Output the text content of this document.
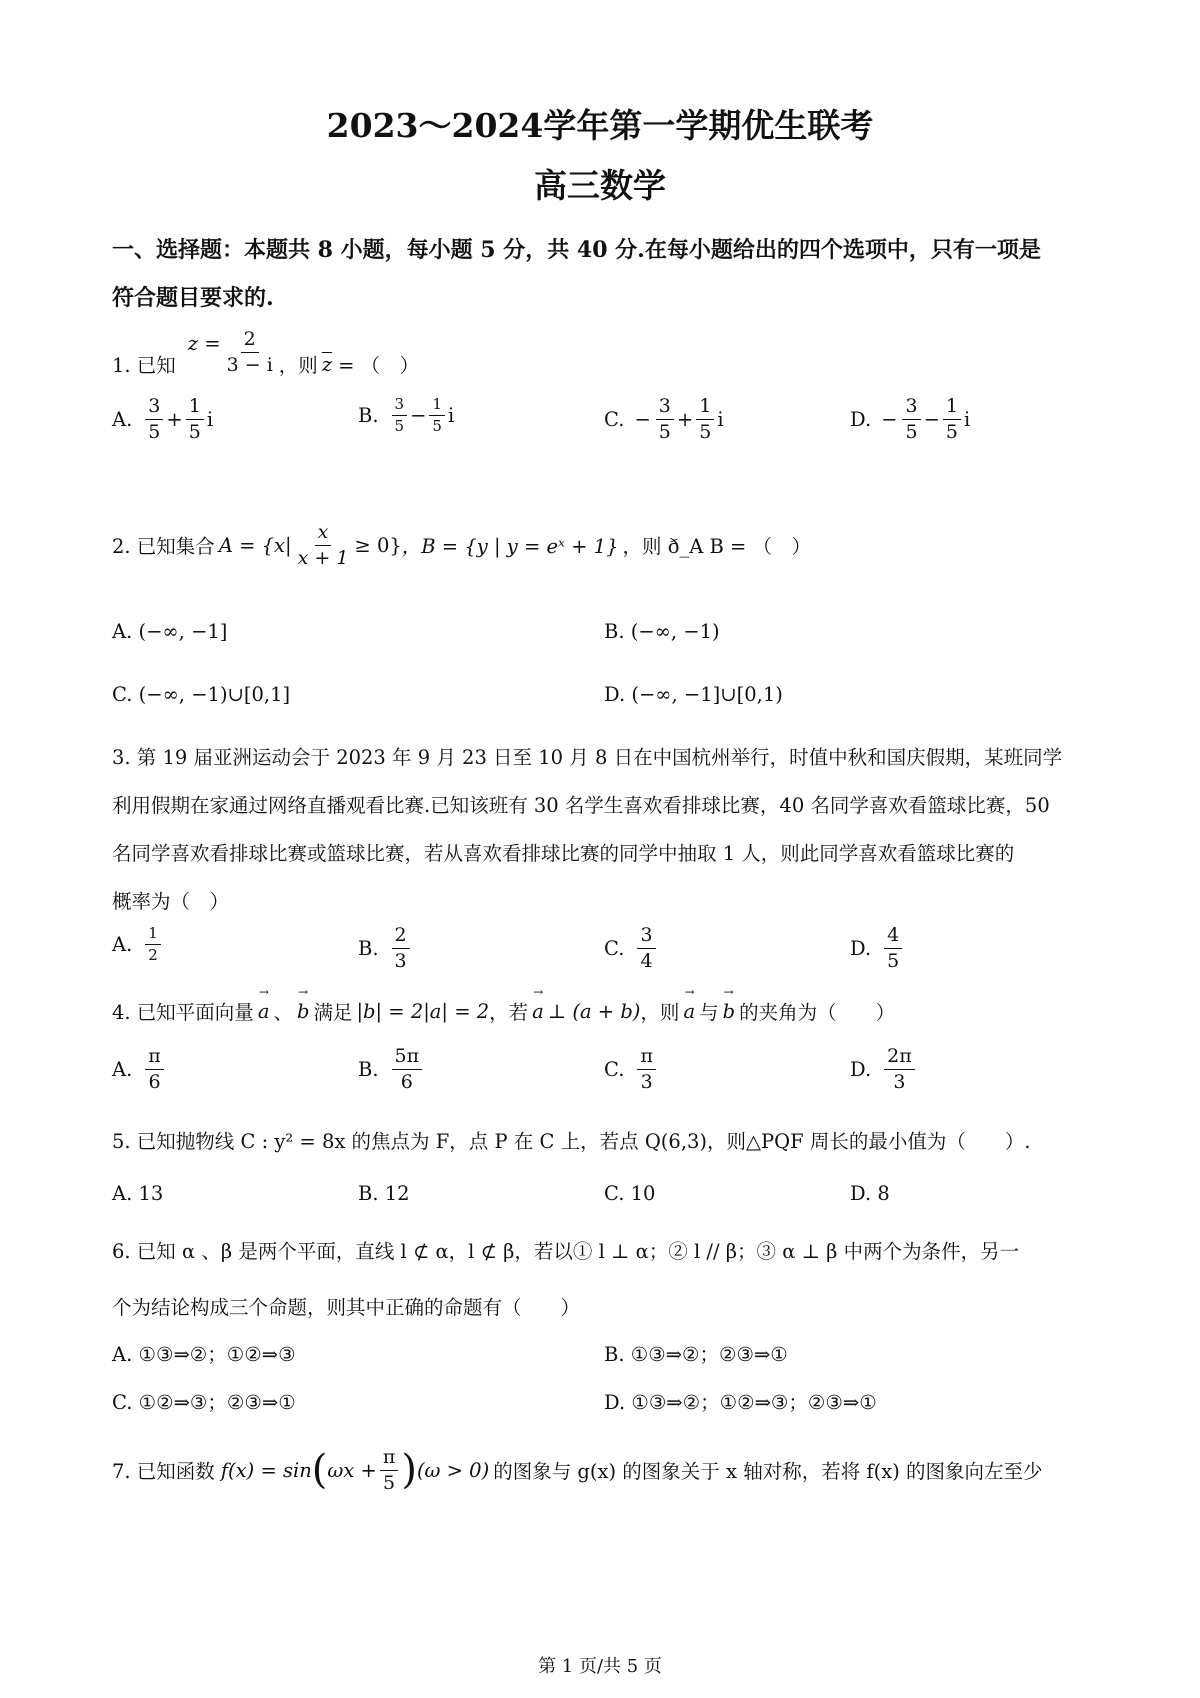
2023～2024学年第一学期优生联考
高三数学
一、选择题：本题共 8 小题，每小题 5 分，共 40 分.在每小题给出的四个选项中，只有一项是
符合题目要求的.
1. 已知
$z = \frac{2}{3 - i}$ ，则 $\overline{z}$ = （　）
A. $\frac{3}{5} + \frac{1}{5}$ i	B. $\frac{3}{5} - \frac{1}{5}$ i	C. − $\frac{3}{5} + \frac{1}{5}$ i	D. − $\frac{3}{5} - \frac{1}{5}$ i
2. 已知集合 $A = \{x| \frac{x}{x + 1} \ge 0\}$ ，B = {y | y = eˣ + 1} ，则 ð_A B = （　）
A. (−∞, −1]	B. (−∞, −1)
C. (−∞, −1)∪[0,1]	D. (−∞, −1]∪[0,1)
3. 第 19 届亚洲运动会于 2023 年 9 月 23 日至 10 月 8 日在中国杭州举行，时值中秋和国庆假期，某班同学
利用假期在家通过网络直播观看比赛.已知该班有 30 名学生喜欢看排球比赛，40 名同学喜欢看篮球比赛，50
名同学喜欢看排球比赛或篮球比赛，若从喜欢看排球比赛的同学中抽取 1 人，则此同学喜欢看篮球比赛的
概率为（　）
A. $\frac{1}{2}$	B. $\frac{2}{3}$	C. $\frac{3}{4}$	D. $\frac{4}{5}$
4. 已知平面向量 → a 、 → b 满足 |b| = 2|a| = 2 ，若 → a ⊥ (a + b) ，则 → a 与 → b 的夹角为（　　）
A. $\frac{\pi}{6}$	B. $\frac{5\pi}{6}$	C. $\frac{\pi}{3}$	D. $\frac{2\pi}{3}$
5. 已知抛物线 C : y² = 8x 的焦点为 F，点 P 在 C 上，若点 Q(6,3)，则△PQF 周长的最小值为（　　）.
A. 13	B. 12	C. 10	D. 8
6. 已知 α 、β 是两个平面，直线 l ⊄ α，l ⊄ β，若以① l ⊥ α；② l // β；③ α ⊥ β 中两个为条件，另一
个为结论构成三个命题，则其中正确的命题有（　　）
A. ①③⇒②；①②⇒③	B. ①③⇒②；②③⇒①
C. ①②⇒③；②③⇒①	D. ①③⇒②；①②⇒③；②③⇒①
7. 已知函数 f(x) = sin ( $\omega x + \frac{\pi}{5}$ ) (ω > 0) 的图象与 g(x) 的图象关于 x 轴对称，若将 f(x) 的图象向左至少
第 1 页/共 5 页
